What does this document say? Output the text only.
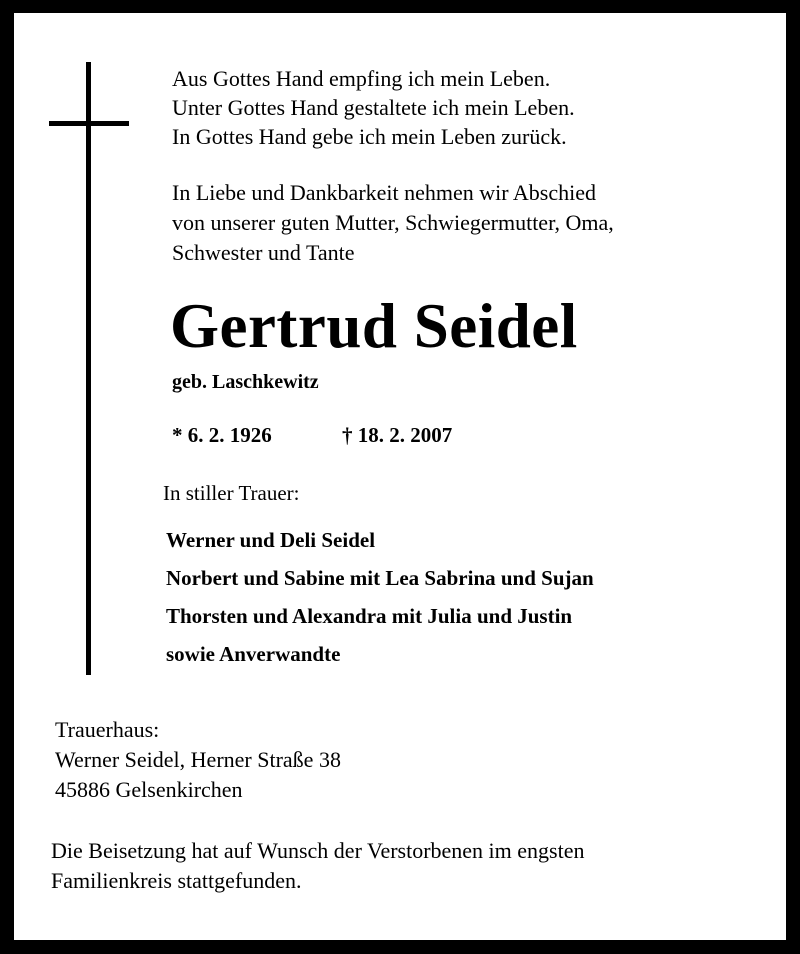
Aus Gottes Hand empfing ich mein Leben.
Unter Gottes Hand gestaltete ich mein Leben.
In Gottes Hand gebe ich mein Leben zurück.
In Liebe und Dankbarkeit nehmen wir Abschied
von unserer guten Mutter, Schwiegermutter, Oma,
Schwester und Tante
Gertrud Seidel
geb. Laschkewitz
* 6. 2. 1926	† 18. 2. 2007
In stiller Trauer:
Werner und Deli Seidel
Norbert und Sabine mit Lea Sabrina und Sujan
Thorsten und Alexandra mit Julia und Justin
sowie Anverwandte
Trauerhaus:
Werner Seidel, Herner Straße 38
45886 Gelsenkirchen
Die Beisetzung hat auf Wunsch der Verstorbenen im engsten
Familienkreis stattgefunden.
